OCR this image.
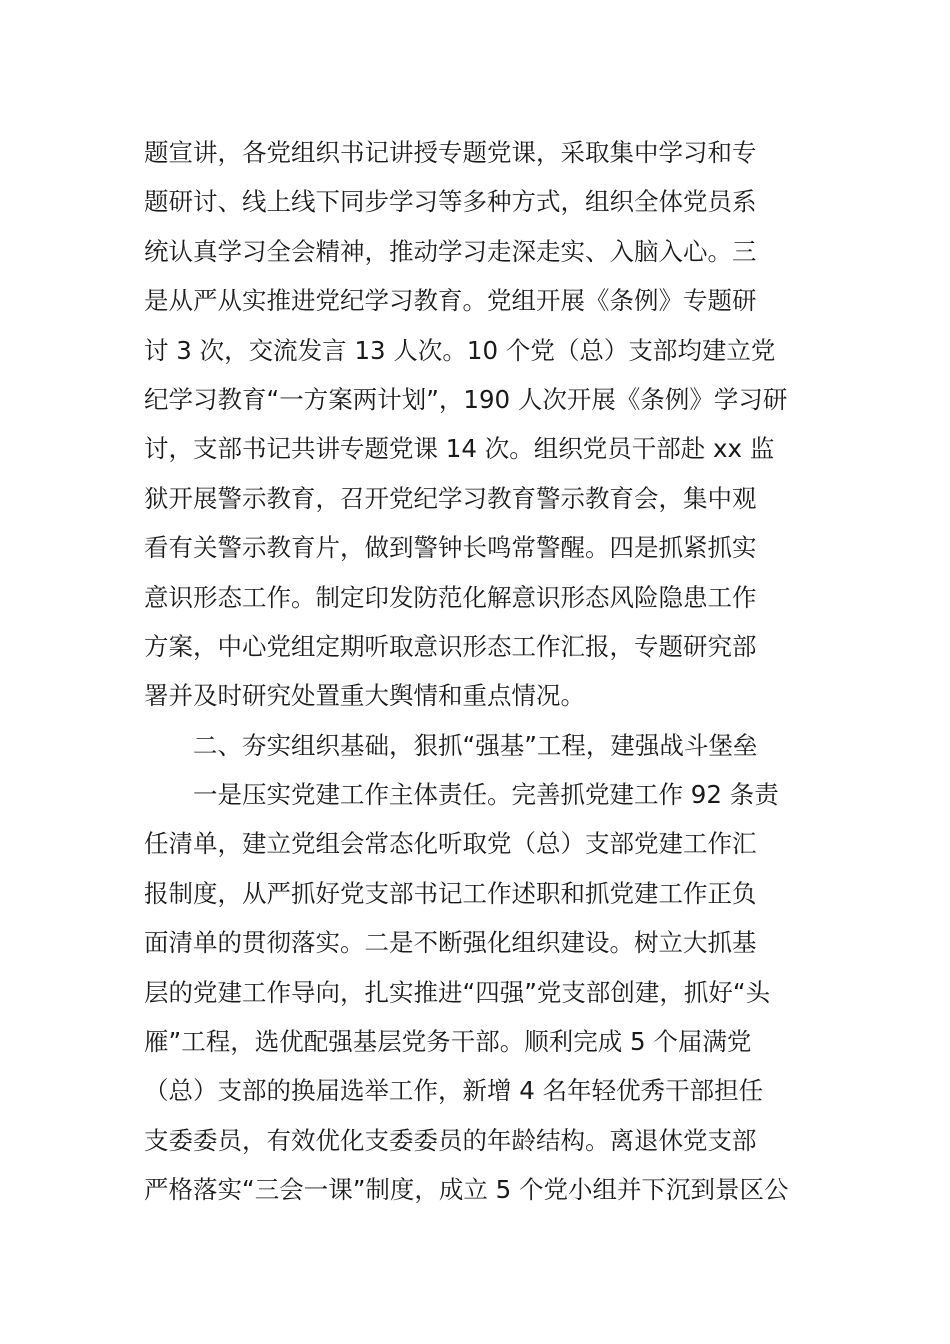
题宣讲，各党组织书记讲授专题党课，采取集中学习和专
题研讨、线上线下同步学习等多种方式，组织全体党员系
统认真学习全会精神，推动学习走深走实、入脑入心。三
是从严从实推进党纪学习教育。党组开展《条例》专题研
讨 3 次，交流发言 13 人次。10 个党（总）支部均建立党
纪学习教育“一方案两计划”，190 人次开展《条例》学习研
讨，支部书记共讲专题党课 14 次。组织党员干部赴 xx 监
狱开展警示教育，召开党纪学习教育警示教育会，集中观
看有关警示教育片，做到警钟长鸣常警醒。四是抓紧抓实
意识形态工作。制定印发防范化解意识形态风险隐患工作
方案，中心党组定期听取意识形态工作汇报，专题研究部
署并及时研究处置重大舆情和重点情况。
二、夯实组织基础，狠抓“强基”工程，建强战斗堡垒
一是压实党建工作主体责任。完善抓党建工作 92 条责
任清单，建立党组会常态化听取党（总）支部党建工作汇
报制度，从严抓好党支部书记工作述职和抓党建工作正负
面清单的贯彻落实。二是不断强化组织建设。树立大抓基
层的党建工作导向，扎实推进“四强”党支部创建，抓好“头
雁”工程，选优配强基层党务干部。顺利完成 5 个届满党
（总）支部的换届选举工作，新增 4 名年轻优秀干部担任
支委委员，有效优化支委委员的年龄结构。离退休党支部
严格落实“三会一课”制度，成立 5 个党小组并下沉到景区公
